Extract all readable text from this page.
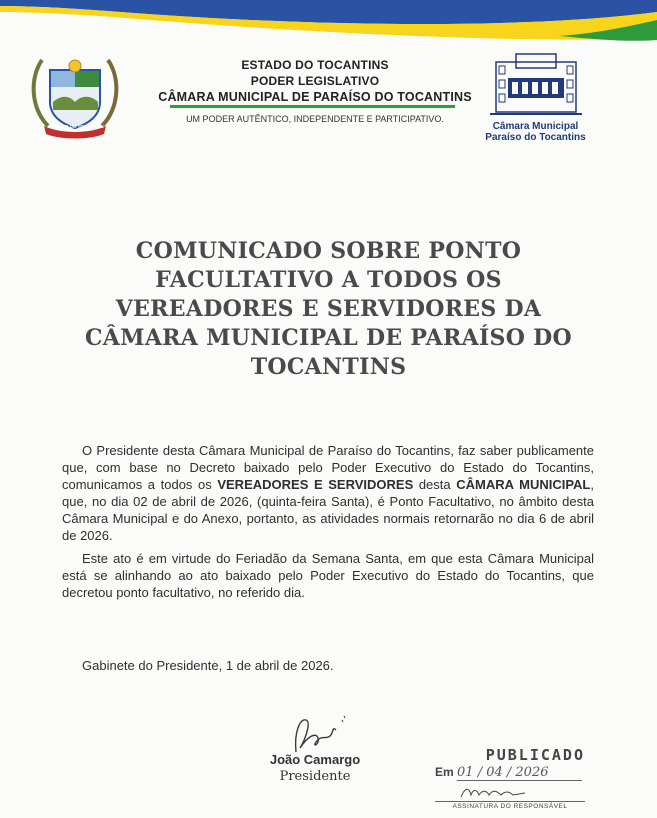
PARAÍSO DO TOCANTINS
ESTADO DO TOCANTINS
PODER LEGISLATIVO
CÂMARA MUNICIPAL DE PARAÍSO DO TOCANTINS
UM PODER AUTÊNTICO, INDEPENDENTE E PARTICIPATIVO.
Câmara Municipal
Paraíso do Tocantins
COMUNICADO SOBRE PONTO
FACULTATIVO A TODOS OS
VEREADORES E SERVIDORES DA
CÂMARA MUNICIPAL DE PARAÍSO DO
TOCANTINS
O Presidente desta Câmara Municipal de Paraíso do Tocantins, faz saber publicamente que, com base no Decreto baixado pelo Poder Executivo do Estado do Tocantins, comunicamos a todos os VEREADORES E SERVIDORES desta CÂMARA MUNICIPAL, que, no dia 02 de abril de 2026, (quinta-feira Santa), é Ponto Facultativo, no âmbito desta Câmara Municipal e do Anexo, portanto, as atividades normais retornarão no dia 6 de abril de 2026.
Este ato é em virtude do Feriadão da Semana Santa, em que esta Câmara Municipal está se alinhando ao ato baixado pelo Poder Executivo do Estado do Tocantins, que decretou ponto facultativo, no referido dia.
Gabinete do Presidente, 1 de abril de 2026.
João Camargo
Presidente
PUBLICADO
Em 01 / 04 / 2026
ASSINATURA DO RESPONSÁVEL
